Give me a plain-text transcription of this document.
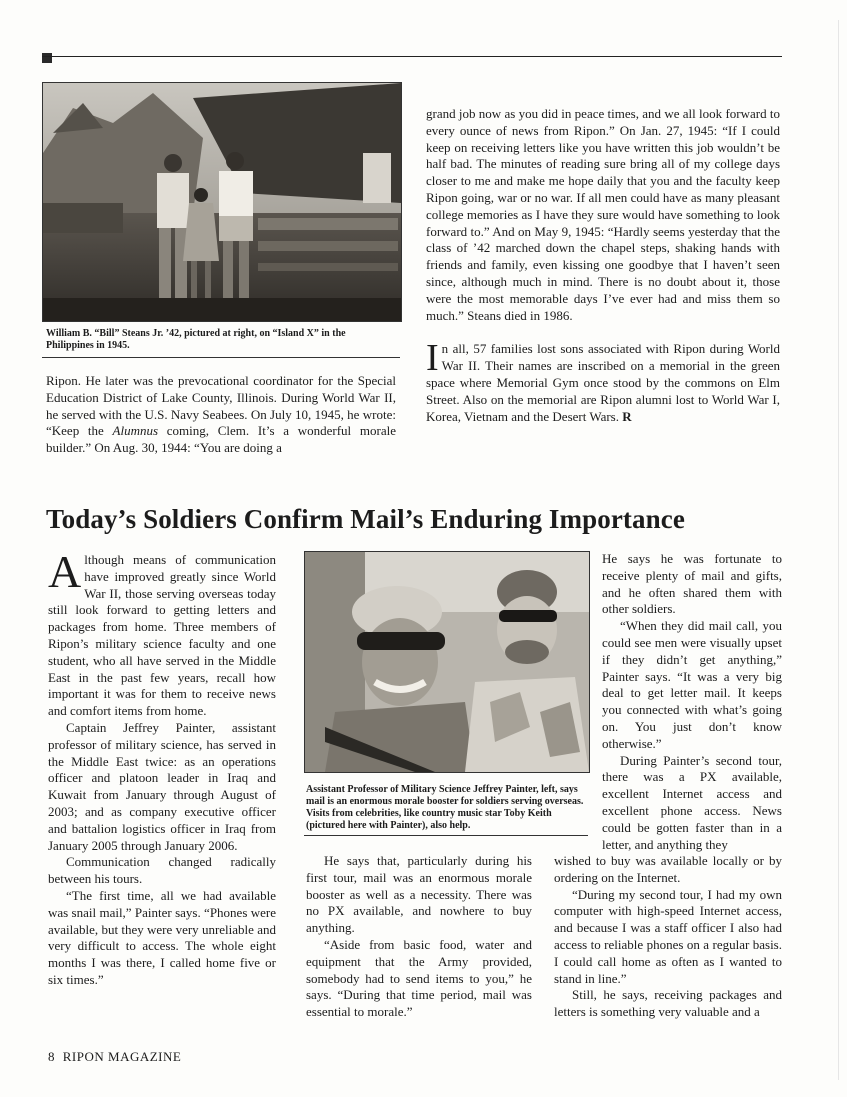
William B. “Bill” Steans Jr. ’42, pictured at right, on “Island X” in the Philippines in 1945.

Ripon. He later was the prevocational coordinator for the Special Education District of Lake County, Illinois. During World War II, he served with the U.S. Navy Seabees. On July 10, 1945, he wrote: “Keep the Alumnus coming, Clem. It’s a wonderful morale builder.” On Aug. 30, 1944: “You are doing a

grand job now as you did in peace times, and we all look forward to every ounce of news from Ripon.” On Jan. 27, 1945: “If I could keep on receiving letters like you have written this job wouldn’t be half bad. The minutes of reading sure bring all of my college days closer to me and make me hope daily that you and the faculty keep Ripon going, war or no war. If all men could have as many pleasant college memories as I have they sure would have something to look forward to.” And on May 9, 1945: “Hardly seems yesterday that the class of ’42 marched down the chapel steps, shaking hands with friends and family, even kissing one goodbye that I haven’t seen since, although much in mind. There is no doubt about it, those were the most memorable days I’ve ever had and miss them so much.” Steans died in 1986.

In all, 57 families lost sons associated with Ripon during World War II. Their names are inscribed on a memorial in the green space where Memorial Gym once stood by the commons on Elm Street. Also on the memorial are Ripon alumni lost to World War I, Korea, Vietnam and the Desert Wars. R

Today’s Soldiers Confirm Mail’s Enduring Importance

Although means of communication have improved greatly since World War II, those serving overseas today still look forward to getting letters and packages from home. Three members of Ripon’s military science faculty and one student, who all have served in the Middle East in the past few years, recall how important it was for them to receive news and comfort items from home.

Captain Jeffrey Painter, assistant professor of military science, has served in the Middle East twice: as an operations officer and platoon leader in Iraq and Kuwait from January through August of 2003; and as company executive officer and battalion logistics officer in Iraq from January 2005 through January 2006.

Communication changed radically between his tours.

“The first time, all we had available was snail mail,” Painter says. “Phones were available, but they were very unreliable and very difficult to access. The whole eight months I was there, I called home five or six times.”

Assistant Professor of Military Science Jeffrey Painter, left, says mail is an enormous morale booster for soldiers serving overseas. Visits from celebrities, like country music star Toby Keith (pictured here with Painter), also help.

He says that, particularly during his first tour, mail was an enormous morale booster as well as a necessity. There was no PX available, and nowhere to buy anything.

“Aside from basic food, water and equipment that the Army provided, somebody had to send items to you,” he says. “During that time period, mail was essential to morale.”

He says he was fortunate to receive plenty of mail and gifts, and he often shared them with other soldiers.

“When they did mail call, you could see men were visually upset if they didn’t get anything,” Painter says. “It was a very big deal to get letter mail. It keeps you connected with what’s going on. You just don’t know otherwise.”

During Painter’s second tour, there was a PX available, excellent Internet access and excellent phone access. News could be gotten faster than in a letter, and anything they

wished to buy was available locally or by ordering on the Internet.

“During my second tour, I had my own computer with high-speed Internet access, and because I was a staff officer I also had access to reliable phones on a regular basis. I could call home as often as I wanted to stand in line.”

Still, he says, receiving packages and letters is something very valuable and a

8 RIPON MAGAZINE
